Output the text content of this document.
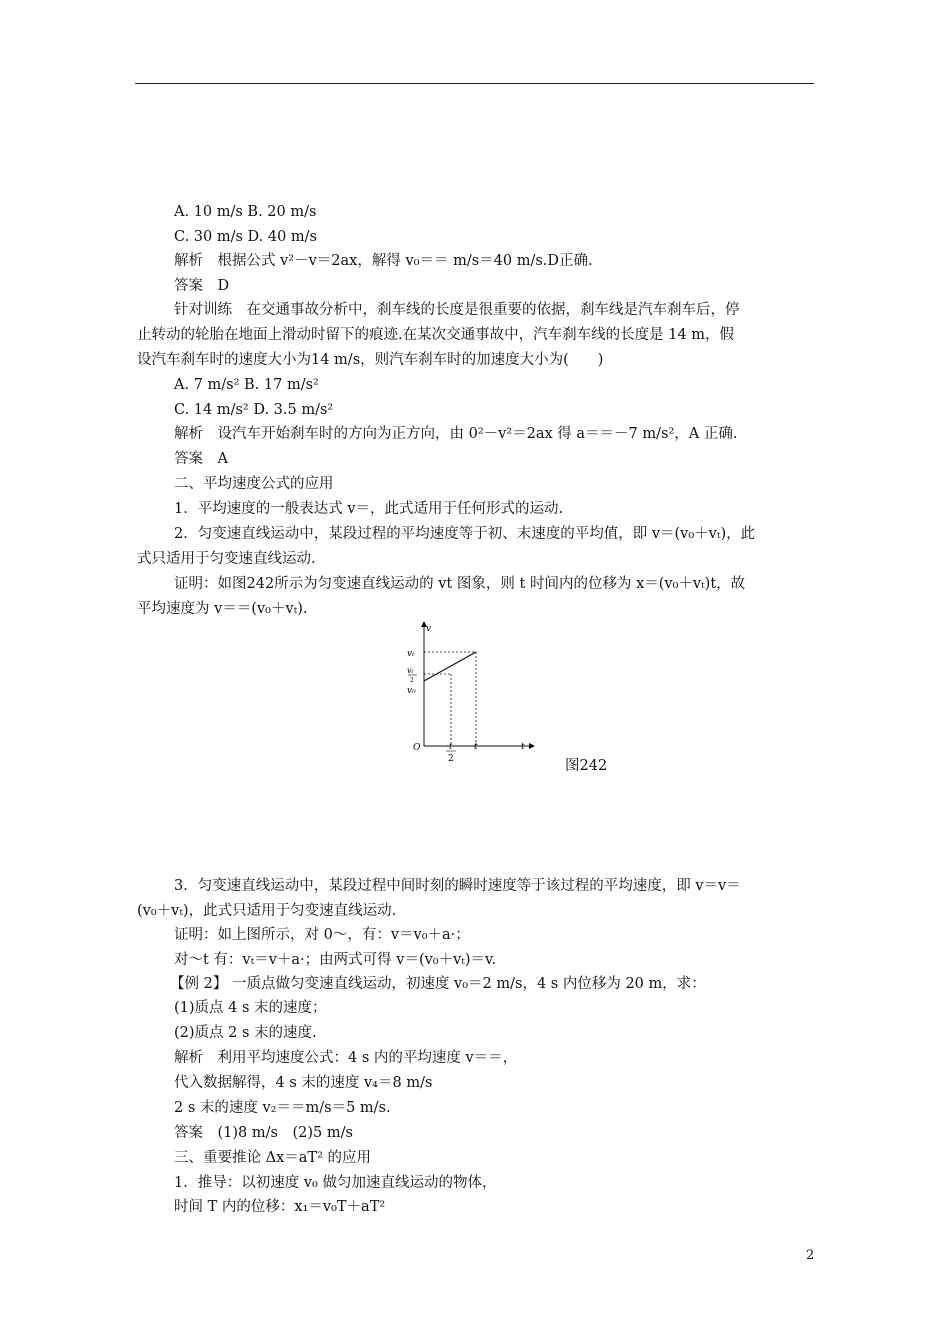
A. 10 m/s B. 20 m/s
C. 30 m/s D. 40 m/s
解析　根据公式 v²－v＝2ax，解得 v₀＝＝ m/s＝40 m/s.D正确.
答案　D
针对训练　在交通事故分析中，刹车线的长度是很重要的依据，刹车线是汽车刹车后，停
止转动的轮胎在地面上滑动时留下的痕迹.在某次交通事故中，汽车刹车线的长度是 14 m，假
设汽车刹车时的速度大小为14 m/s，则汽车刹车时的加速度大小为(　　)
A. 7 m/s² B. 17 m/s²
C. 14 m/s² D. 3.5 m/s²
解析　设汽车开始刹车时的方向为正方向，由 0²－v²＝2ax 得 a＝＝－7 m/s²，A 正确.
答案　A
二、平均速度公式的应用
1．平均速度的一般表达式 v＝，此式适用于任何形式的运动.
2．匀变速直线运动中，某段过程的平均速度等于初、末速度的平均值，即 v＝(v₀＋vₜ)，此
式只适用于匀变速直线运动.
证明：如图242所示为匀变速直线运动的 vt 图象，则 t 时间内的位移为 x＝(v₀＋vₜ)t，故
平均速度为 v＝＝(v₀＋vₜ).
v
vₜ
vₜ
2
v₀
O	t
2
t	t
图242
3．匀变速直线运动中，某段过程中间时刻的瞬时速度等于该过程的平均速度，即 v＝v＝
(v₀＋vₜ)，此式只适用于匀变速直线运动.
证明：如上图所示，对 0～，有：v＝v₀＋a·；
对～t 有：vₜ＝v＋a·；由两式可得 v＝(v₀＋vₜ)＝v.
【例 2】 一质点做匀变速直线运动，初速度 v₀＝2 m/s，4 s 内位移为 20 m，求：
(1)质点 4 s 末的速度；
(2)质点 2 s 末的速度.
解析　利用平均速度公式：4 s 内的平均速度 v＝＝，
代入数据解得，4 s 末的速度 v₄＝8 m/s
2 s 末的速度 v₂＝＝m/s＝5 m/s.
答案　(1)8 m/s　(2)5 m/s
三、重要推论 Δx＝aT² 的应用
1．推导：以初速度 v₀ 做匀加速直线运动的物体，
时间 T 内的位移：x₁＝v₀T＋aT²
2
